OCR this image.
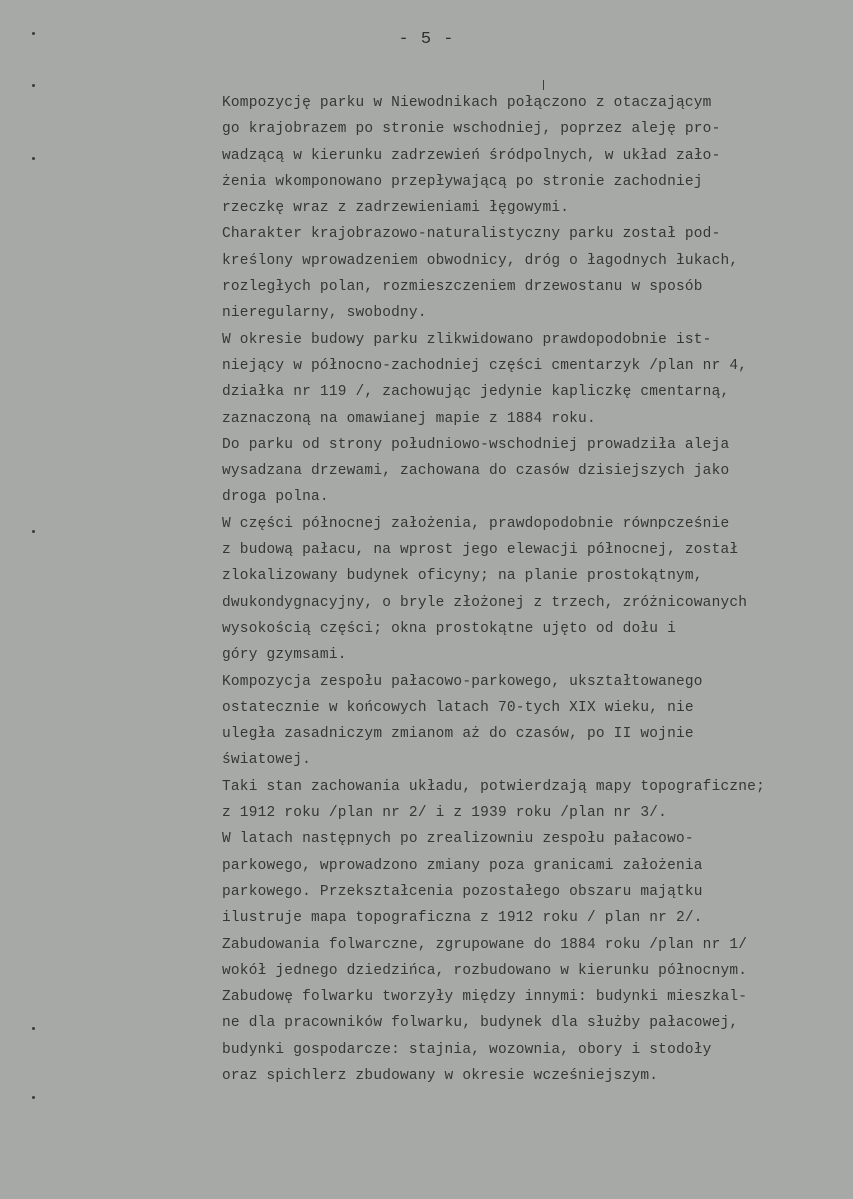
- 5 -
Kompozycję parku w Niewodnikach połączono z otaczającym
go krajobrazem po stronie wschodniej, poprzez aleję pro-
wadzącą w kierunku zadrzewień śródpolnych, w układ zało-
żenia wkomponowano przepływającą po stronie zachodniej
rzeczkę wraz z zadrzewieniami łęgowymi.
Charakter krajobrazowo-naturalistyczny parku został pod-
kreślony wprowadzeniem obwodnicy, dróg o łagodnych łukach,
rozległych polan, rozmieszczeniem drzewostanu w sposób
nieregularny, swobodny.
W okresie budowy parku zlikwidowano prawdopodobnie ist-
niejący w północno-zachodniej części cmentarzyk /plan nr 4,
działka nr 119 /, zachowując jedynie kapliczkę cmentarną,
zaznaczoną na omawianej mapie z 1884 roku.
Do parku od strony południowo-wschodniej prowadziła aleja
wysadzana drzewami, zachowana do czasów dzisiejszych jako
droga polna.
W części północnej założenia, prawdopodobnie równocześnie
z budową pałacu, na wprost jego elewacji północnej, został
zlokalizowany budynek oficyny; na planie prostokątnym,
dwukondygnacyjny, o bryle złożonej z trzech, zróżnicowanych
wysokością części; okna prostokątne ujęto od dołu i
góry gzymsami.
Kompozycja zespołu pałacowo-parkowego, ukształtowanego
ostatecznie w końcowych latach 70-tych XIX wieku, nie
uległa zasadniczym zmianom aż do czasów, po II wojnie
światowej.
Taki stan zachowania układu, potwierdzają mapy topograficzne;
z 1912 roku /plan nr 2/ i z 1939 roku /plan nr 3/.
W latach następnych po zrealizowniu zespołu pałacowo-
parkowego, wprowadzono zmiany poza granicami założenia
parkowego. Przekształcenia pozostałego obszaru majątku
ilustruje mapa topograficzna z 1912 roku / plan nr 2/.
Zabudowania folwarczne, zgrupowane do 1884 roku /plan nr 1/
wokół jednego dziedzińca, rozbudowano w kierunku północnym.
Zabudowę folwarku tworzyły między innymi: budynki mieszkal-
ne dla pracowników folwarku, budynek dla służby pałacowej,
budynki gospodarcze: stajnia, wozownia, obory i stodoły
oraz spichlerz zbudowany w okresie wcześniejszym.
